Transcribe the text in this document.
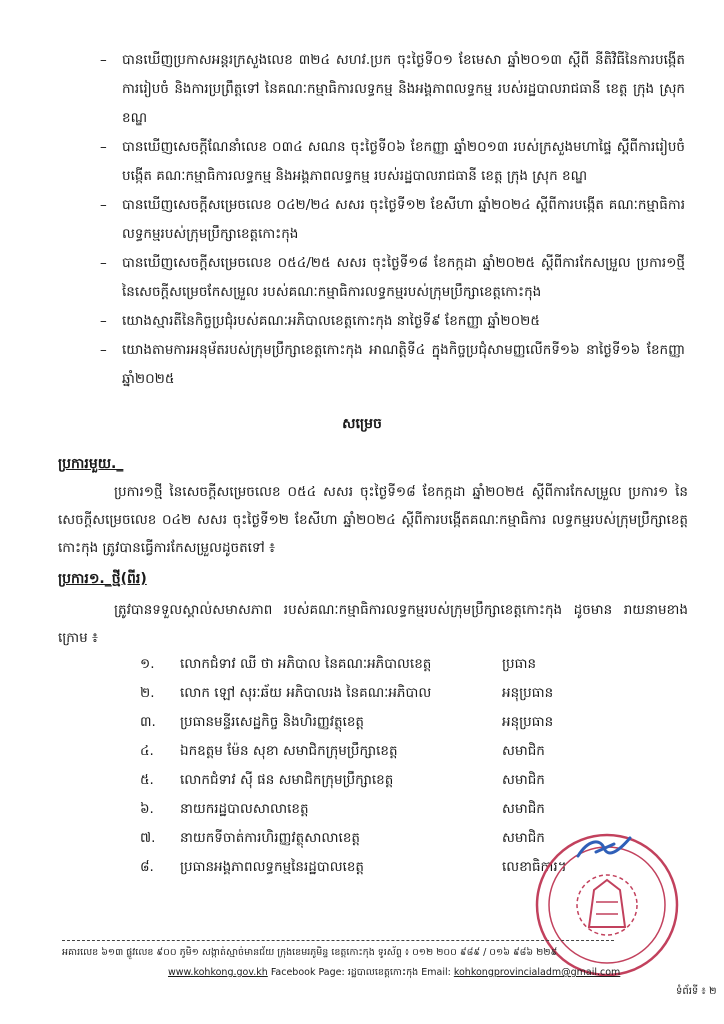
– បានឃើញប្រកាសអន្តរក្រសួងលេខ ៣២៤ សហវ.ប្រក ចុះថ្ងៃទី០១ ខែមេសា ឆ្នាំ២០១៣ ស្ដីពី នីតិវិធីនៃការបង្កើត ការរៀបចំ និងការប្រព្រឹត្តទៅ នៃគណៈកម្មាធិការលទ្ធកម្ម និងអង្គភាពលទ្ធកម្ម របស់រដ្ឋបាលរាជធានី ខេត្ត ក្រុង ស្រុក ខណ្ឌ
– បានឃើញសេចក្ដីណែនាំលេខ ០៣៤ សណន ចុះថ្ងៃទី០៦ ខែកញ្ញា ឆ្នាំ២០១៣ របស់ក្រសួងមហាផ្ទៃ ស្ដីពីការរៀបចំបង្កើត គណៈកម្មាធិការលទ្ធកម្ម និងអង្គភាពលទ្ធកម្ម របស់រដ្ឋបាលរាជធានី ខេត្ត ក្រុង ស្រុក ខណ្ឌ
– បានឃើញសេចក្ដីសម្រេចលេខ ០៤២/២៤ សសរ ចុះថ្ងៃទី១២ ខែសីហា ឆ្នាំ២០២៤ ស្ដីពីការបង្កើត គណៈកម្មាធិការលទ្ធកម្មរបស់ក្រុមប្រឹក្សាខេត្តកោះកុង
– បានឃើញសេចក្ដីសម្រេចលេខ ០៥៤/២៥ សសរ ចុះថ្ងៃទី១៨ ខែកក្កដា ឆ្នាំ២០២៥ ស្ដីពីការកែសម្រួល ប្រការ១ថ្មី នៃសេចក្ដីសម្រេចកែសម្រួល របស់គណៈកម្មាធិការលទ្ធកម្មរបស់ក្រុមប្រឹក្សាខេត្តកោះកុង
– យោងស្មារតីនៃកិច្ចប្រជុំរបស់គណៈអភិបាលខេត្តកោះកុង នាថ្ងៃទី៩ ខែកញ្ញា ឆ្នាំ២០២៥
– យោងតាមការអនុម័តរបស់ក្រុមប្រឹក្សាខេត្តកោះកុង អាណត្តិទី៤ ក្នុងកិច្ចប្រជុំសាមញ្ញលើកទី១៦ នាថ្ងៃទី១៦ ខែកញ្ញា ឆ្នាំ២០២៥
សម្រេច
ប្រការមួយ._
ប្រការ១ថ្មី នៃសេចក្ដីសម្រេចលេខ ០៥៤ សសរ ចុះថ្ងៃទី១៨ ខែកក្កដា ឆ្នាំ២០២៥ ស្ដីពីការកែសម្រួល ប្រការ១ នៃសេចក្ដីសម្រេចលេខ ០៤២ សសរ ចុះថ្ងៃទី១២ ខែសីហា ឆ្នាំ២០២៤ ស្ដីពីការបង្កើតគណៈកម្មាធិការ លទ្ធកម្មរបស់ក្រុមប្រឹក្សាខេត្តកោះកុង ត្រូវបានធ្វើការកែសម្រួលដូចតទៅ ៖
ប្រការ១._ថ្មី(ពីរ)
ត្រូវបានទទួលស្គាល់សមាសភាព របស់គណៈកម្មាធិការលទ្ធកម្មរបស់ក្រុមប្រឹក្សាខេត្តកោះកុង ដូចមាន រាយនាមខាងក្រោម ៖
១.	លោកជំទាវ ឈី ថា អភិបាល នៃគណៈអភិបាលខេត្ត	ប្រធាន
២.	លោក ឡៅ សុរៈឆ័យ អភិបាលរង នៃគណៈអភិបាល	អនុប្រធាន
៣.	ប្រធានមន្ទីរសេដ្ឋកិច្ច និងហិរញ្ញវត្ថុខេត្ត	អនុប្រធាន
៤.	ឯកឧត្ដម ម៉ែន សុខា សមាជិកក្រុមប្រឹក្សាខេត្ត	សមាជិក
៥.	លោកជំទាវ ស៊ី ផន សមាជិកក្រុមប្រឹក្សាខេត្ត	សមាជិក
៦.	នាយករដ្ឋបាលសាលាខេត្ត	សមាជិក
៧.	នាយកទីចាត់ការហិរញ្ញវត្ថុសាលាខេត្ត	សមាជិក
៨.	ប្រធានអង្គភាពលទ្ធកម្មនៃរដ្ឋបាលខេត្ត	លេខាធិការ។
អគារលេខ ៦១៣ ផ្លូវលេខ ៩០០ ភូមិ១ សង្កាត់ស្មាច់មានជ័យ ក្រុងខេមរភូមិន្ទ ខេត្តកោះកុង ទូរស័ព្ទ ៖ ០១២ ២០០ ៩៨៩ / ០១៦ ៩៨៦ ២២៩
www.kohkong.gov.kh Facebook Page: រដ្ឋបាលខេត្តកោះកុង Email: kohkongprovincialadm@gmail.com
ទំព័រទី ៖ ២
